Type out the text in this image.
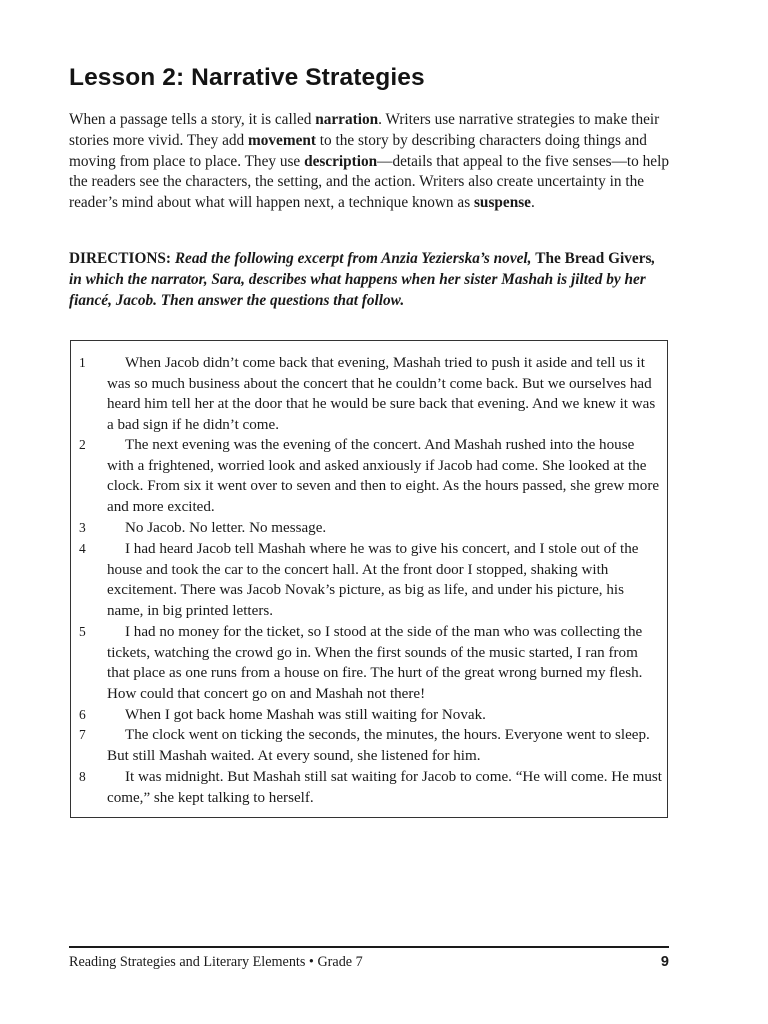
Lesson 2: Narrative Strategies

When a passage tells a story, it is called narration. Writers use narrative strategies to make their stories more vivid. They add movement to the story by describing characters doing things and moving from place to place. They use description—details that appeal to the five senses—to help the readers see the characters, the setting, and the action. Writers also create uncertainty in the reader’s mind about what will happen next, a technique known as suspense.

DIRECTIONS: Read the following excerpt from Anzia Yezierska’s novel, The Bread Givers, in which the narrator, Sara, describes what happens when her sister Mashah is jilted by her fiancé, Jacob. Then answer the questions that follow.

1	When Jacob didn’t come back that evening, Mashah tried to push it aside and tell us it was so much business about the concert that he couldn’t come back. But we ourselves had heard him tell her at the door that he would be sure back that evening. And we knew it was a bad sign if he didn’t come.
2	The next evening was the evening of the concert. And Mashah rushed into the house with a frightened, worried look and asked anxiously if Jacob had come. She looked at the clock. From six it went over to seven and then to eight. As the hours passed, she grew more and more excited.
3	No Jacob. No letter. No message.
4	I had heard Jacob tell Mashah where he was to give his concert, and I stole out of the house and took the car to the concert hall. At the front door I stopped, shaking with excitement. There was Jacob Novak’s picture, as big as life, and under his picture, his name, in big printed letters.
5	I had no money for the ticket, so I stood at the side of the man who was collecting the tickets, watching the crowd go in. When the first sounds of the music started, I ran from that place as one runs from a house on fire. The hurt of the great wrong burned my flesh. How could that concert go on and Mashah not there!
6	When I got back home Mashah was still waiting for Novak.
7	The clock went on ticking the seconds, the minutes, the hours. Everyone went to sleep. But still Mashah waited. At every sound, she listened for him.
8	It was midnight. But Mashah still sat waiting for Jacob to come. “He will come. He must come,” she kept talking to herself.
Reading Strategies and Literary Elements • Grade 7	9
